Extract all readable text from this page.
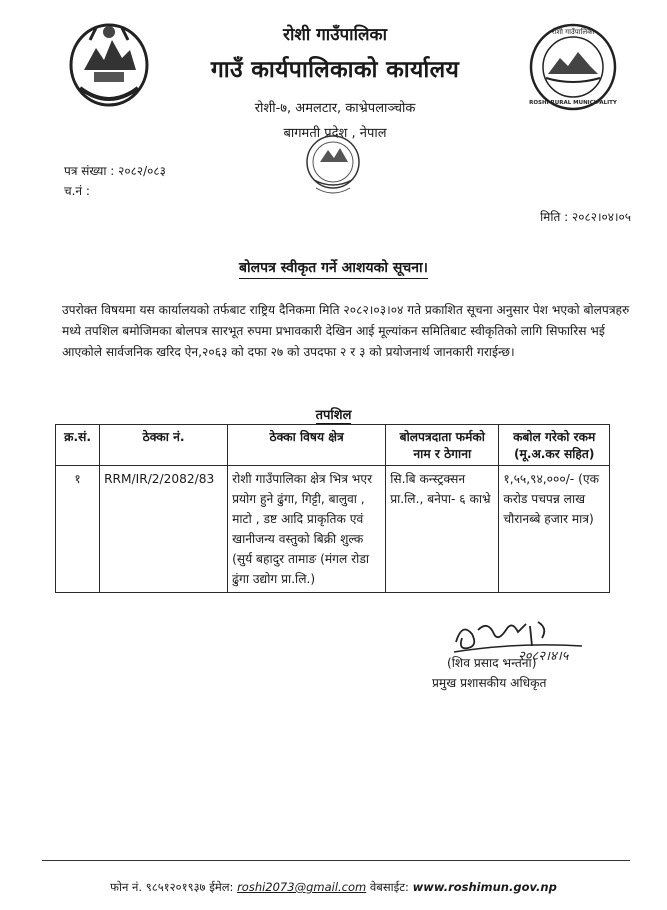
रोशी गाउँपालिका
ROSHI RURAL MUNICIPALITY
रोशी गाउँपालिका
गाउँ कार्यपालिकाको कार्यालय
रोशी-७, अमलटार, काभ्रेपलाञ्चोक
बागमती प्रदेश , नेपाल
पत्र संख्या : २०८२/०८३
च.नं :
मिति : २०८२।०४।०५
बोलपत्र स्वीकृत गर्ने आशयको सूचना।
उपरोक्त विषयमा यस कार्यालयको तर्फबाट राष्ट्रिय दैनिकमा मिति २०८२।०३।०४ गते प्रकाशित सूचना अनुसार पेश भएको बोलपत्रहरु मध्ये तपशिल बमोजिमका बोलपत्र सारभूत रुपमा प्रभावकारी देखिन आई मूल्यांकन समितिबाट स्वीकृतिको लागि सिफारिस भई आएकोले सार्वजनिक खरिद ऐन,२०६३ को दफा २७ को उपदफा २ र ३ को प्रयोजनार्थ जानकारी गराईन्छ।
तपशिल
क्र.सं.	ठेक्का नं.	ठेक्का विषय क्षेत्र	बोलपत्रदाता फर्मको नाम र ठेगाना	कबोल गरेको रकम (मू.अ.कर सहित)
१	RRM/IR/2/2082/83	रोशी गाउँपालिका क्षेत्र भित्र भएर प्रयोग हुने ढुंगा, गिट्टी, बालुवा , माटो , डष्ट आदि प्राकृतिक एवं खानीजन्य वस्तुको बिक्री शुल्क (सुर्य बहादुर तामाङ (मंगल रोडा ढुंगा उद्योग प्रा.लि.)	सि.बि कन्स्ट्रक्सन प्रा.लि., बनेपा- ६ काभ्रे	१,५५,९४,०००/- (एक करोड पचपन्न लाख चौरानब्बे हजार मात्र)
२०८२।४।५
(शिव प्रसाद भन्तना)
प्रमुख प्रशासकीय अधिकृत
फोन नं. ९८५१२०१९३७ ईमेल: roshi2073@gmail.com वेबसाईट: www.roshimun.gov.np
